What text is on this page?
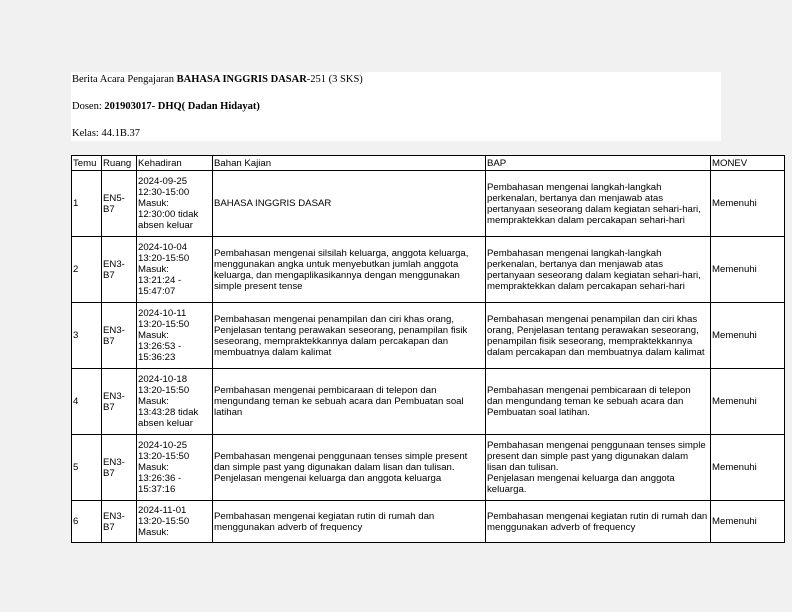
Berita Acara Pengajaran BAHASA INGGRIS DASAR-251 (3 SKS)
Dosen: 201903017- DHQ( Dadan Hidayat)
Kelas: 44.1B.37
Temu	Ruang	Kehadiran	Bahan Kajian	BAP	MONEV
1	EN5-
B7	2024-09-25
12:30-15:00
Masuk:
12:30:00 tidak
absen keluar	BAHASA INGGRIS DASAR	Pembahasan mengenai langkah-langkah perkenalan, bertanya dan menjawab atas pertanyaan seseorang dalam kegiatan sehari-hari, mempraktekkan dalam percakapan sehari-hari	Memenuhi
2	EN3-
B7	2024-10-04
13:20-15:50
Masuk:
13:21:24 -
15:47:07	Pembahasan mengenai silsilah keluarga, anggota keluarga, menggunakan angka untuk menyebutkan jumlah anggota keluarga, dan mengaplikasikannya dengan menggunakan simple present tense	Pembahasan mengenai langkah-langkah perkenalan, bertanya dan menjawab atas pertanyaan seseorang dalam kegiatan sehari-hari, mempraktekkan dalam percakapan sehari-hari	Memenuhi
3	EN3-
B7	2024-10-11
13:20-15:50
Masuk:
13:26:53 -
15:36:23	Pembahasan mengenai penampilan dan ciri khas orang, Penjelasan tentang perawakan seseorang, penampilan fisik seseorang, mempraktekkannya dalam percakapan dan membuatnya dalam kalimat	Pembahasan mengenai penampilan dan ciri khas orang, Penjelasan tentang perawakan seseorang, penampilan fisik seseorang, mempraktekkannya dalam percakapan dan membuatnya dalam kalimat	Memenuhi
4	EN3-
B7	2024-10-18
13:20-15:50
Masuk:
13:43:28 tidak
absen keluar	Pembahasan mengenai pembicaraan di telepon dan mengundang teman ke sebuah acara dan Pembuatan soal latihan	Pembahasan mengenai pembicaraan di telepon dan mengundang teman ke sebuah acara dan Pembuatan soal latihan.	Memenuhi
5	EN3-
B7	2024-10-25
13:20-15:50
Masuk:
13:26:36 -
15:37:16	Pembahasan mengenai penggunaan tenses simple present dan simple past yang digunakan dalam lisan dan tulisan. Penjelasan mengenai keluarga dan anggota keluarga	Pembahasan mengenai penggunaan tenses simple present dan simple past yang digunakan dalam lisan dan tulisan.
Penjelasan mengenai keluarga dan anggota keluarga.	Memenuhi
6	EN3-
B7	2024-11-01
13:20-15:50
Masuk:	Pembahasan mengenai kegiatan rutin di rumah dan menggunakan adverb of frequency	Pembahasan mengenai kegiatan rutin di rumah dan menggunakan adverb of frequency	Memenuhi
